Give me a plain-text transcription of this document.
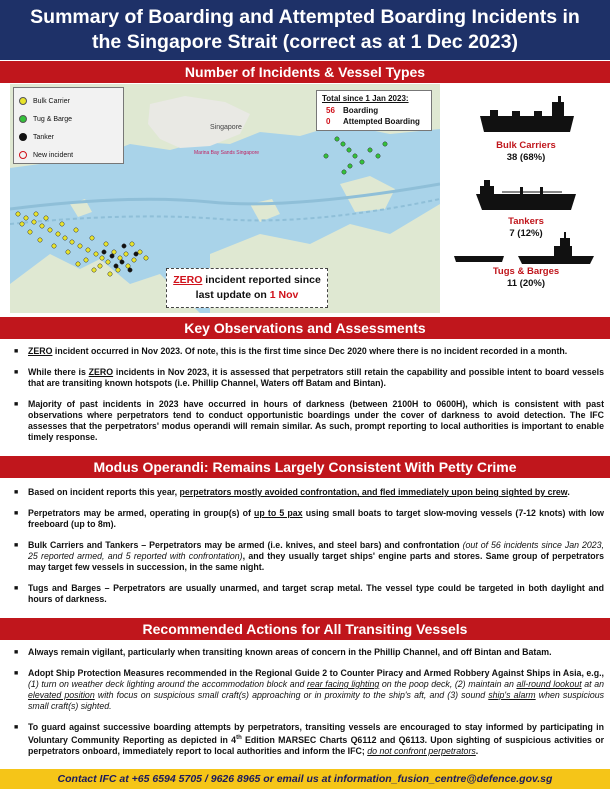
Summary of Boarding and Attempted Boarding Incidents in
the Singapore Strait (correct as at 1 Dec 2023)
Number of Incidents & Vessel Types
Singapore
Marina Bay Sands Singapore
Bulk Carrier
Tug & Barge
Tanker
New incident
Total since 1 Jan 2023:
56	Boarding
0	Attempted Boarding
ZERO incident reported since
last update on 1 Nov
Bulk Carriers
38 (68%)
Tankers
7 (12%)
Tugs & Barges
11 (20%)
Key Observations and Assessments
■ ZERO incident occurred in Nov 2023. Of note, this is the first time since Dec 2020 where there is no incident recorded in a month.
■ While there is ZERO incidents in Nov 2023, it is assessed that perpetrators still retain the capability and possible intent to board vessels that are transiting known hotspots (i.e. Phillip Channel, Waters off Batam and Bintan).
■ Majority of past incidents in 2023 have occurred in hours of darkness (between 2100H to 0600H), which is consistent with past observations where perpetrators tend to conduct opportunistic boardings under the cover of darkness to avoid detection. The IFC assesses that the perpetrators' modus operandi will remain similar. As such, prompt reporting to local authorities is important to enable timely response.
Modus Operandi: Remains Largely Consistent With Petty Crime
■ Based on incident reports this year, perpetrators mostly avoided confrontation, and fled immediately upon being sighted by crew.
■ Perpetrators may be armed, operating in group(s) of up to 5 pax using small boats to target slow-moving vessels (7-12 knots) with low freeboard (up to 8m).
■ Bulk Carriers and Tankers – Perpetrators may be armed (i.e. knives, and steel bars) and confrontation (out of 56 incidents since Jan 2023, 25 reported armed, and 5 reported with confrontation), and they usually target ships' engine parts and stores. Same group of perpetrators may target few vessels in succession, in the same night.
■ Tugs and Barges – Perpetrators are usually unarmed, and target scrap metal. The vessel type could be targeted in both daylight and hours of darkness.
Recommended Actions for All Transiting Vessels
■ Always remain vigilant, particularly when transiting known areas of concern in the Phillip Channel, and off Bintan and Batam.
■ Adopt Ship Protection Measures recommended in the Regional Guide 2 to Counter Piracy and Armed Robbery Against Ships in Asia, e.g., (1) turn on weather deck lighting around the accommodation block and rear facing lighting on the poop deck, (2) maintain an all-round lookout at an elevated position with focus on suspicious small craft(s) approaching or in proximity to the ship's aft, and (3) sound ship's alarm when suspicious small craft(s) sighted.
■ To guard against successive boarding attempts by perpetrators, transiting vessels are encouraged to stay informed by participating in Voluntary Community Reporting as depicted in 4th Edition MARSEC Charts Q6112 and Q6113. Upon sighting of suspicious activities or perpetrators onboard, immediately report to local authorities and inform the IFC; do not confront perpetrators.
Contact IFC at +65 6594 5705 / 9626 8965 or email us at information_fusion_centre@defence.gov.sg
